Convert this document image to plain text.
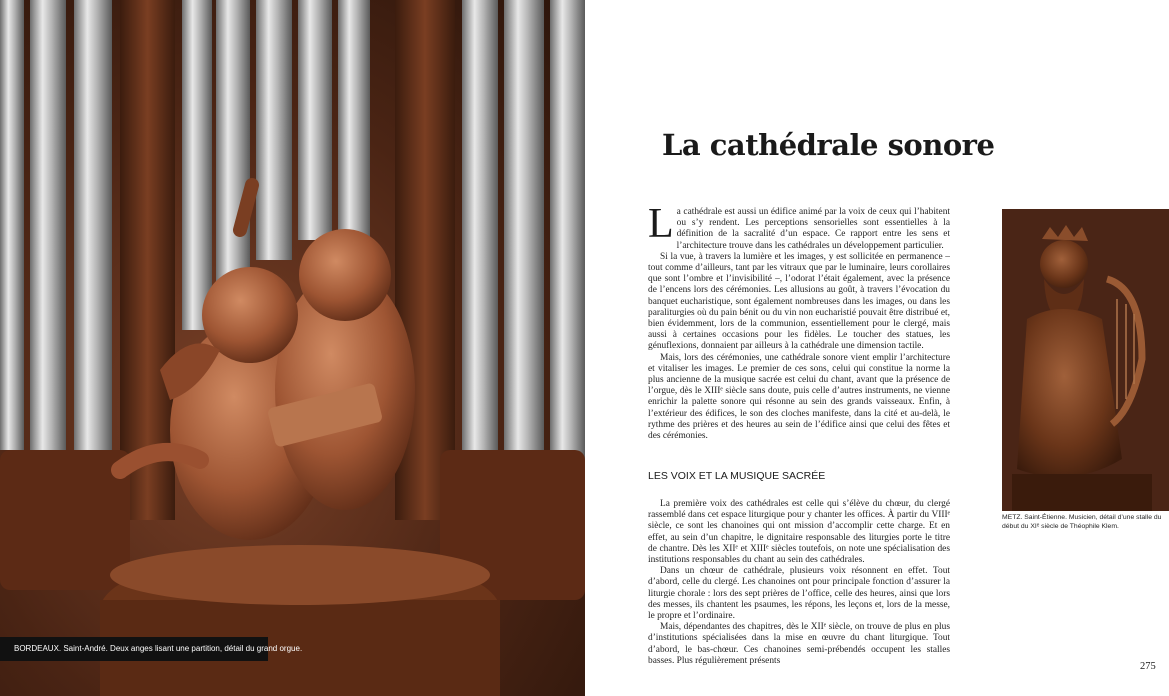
BORDEAUX. Saint-André. Deux anges lisant une partition, détail du grand orgue.
La cathédrale sonore

La cathédrale est aussi un édifice animé par la voix de ceux qui l’habitent ou s’y rendent. Les perceptions sensorielles sont essentielles à la définition de la sacralité d’un espace. Ce rapport entre les sens et l’architecture trouve dans les cathédrales un développement particulier.

Si la vue, à travers la lumière et les images, y est sollicitée en permanence – tout comme d’ailleurs, tant par les vitraux que par le luminaire, leurs corollaires que sont l’ombre et l’invisibilité –, l’odorat l’était également, avec la présence de l’encens lors des cérémonies. Les allusions au goût, à travers l’évocation du banquet eucharistique, sont également nombreuses dans les images, ou dans les paraliturgies où du pain bénit ou du vin non eucharistié pouvait être distribué et, bien évidemment, lors de la communion, essentiellement pour le clergé, mais aussi à certaines occasions pour les fidèles. Le toucher des statues, les génuflexions, donnaient par ailleurs à la cathédrale une dimension tactile.

Mais, lors des cérémonies, une cathédrale sonore vient emplir l’architecture et vitaliser les images. Le premier de ces sons, celui qui constitue la norme la plus ancienne de la musique sacrée est celui du chant, avant que la présence de l’orgue, dès le XIIIᵉ siècle sans doute, puis celle d’autres instruments, ne vienne enrichir la palette sonore qui résonne au sein des grands vaisseaux. Enfin, à l’extérieur des édifices, le son des cloches manifeste, dans la cité et au-delà, le rythme des prières et des heures au sein de l’édifice ainsi que celui des fêtes et des cérémonies.

LES VOIX ET LA MUSIQUE SACRÉE

La première voix des cathédrales est celle qui s’élève du chœur, du clergé rassemblé dans cet espace liturgique pour y chanter les offices. À partir du VIIIᵉ siècle, ce sont les chanoines qui ont mission d’accomplir cette charge. Et en effet, au sein d’un chapitre, le dignitaire responsable des liturgies porte le titre de chantre. Dès les XIIᵉ et XIIIᵉ siècles toutefois, on note une spécialisation des institutions responsables du chant au sein des cathédrales.

Dans un chœur de cathédrale, plusieurs voix résonnent en effet. Tout d’abord, celle du clergé. Les chanoines ont pour principale fonction d’assurer la liturgie chorale : lors des sept prières de l’office, celle des heures, ainsi que lors des messes, ils chantent les psaumes, les répons, les leçons et, lors de la messe, le propre et l’ordinaire.

Mais, dépendantes des chapitres, dès le XIIᵉ siècle, on trouve de plus en plus d’institutions spécialisées dans la mise en œuvre du chant liturgique. Tout d’abord, le bas-chœur. Ces chanoines semi-prébendés occupent les stalles basses. Plus régulièrement présents

METZ. Saint-Étienne. Musicien, détail d’une stalle du début du XIᵉ siècle de Théophile Klem.
275
